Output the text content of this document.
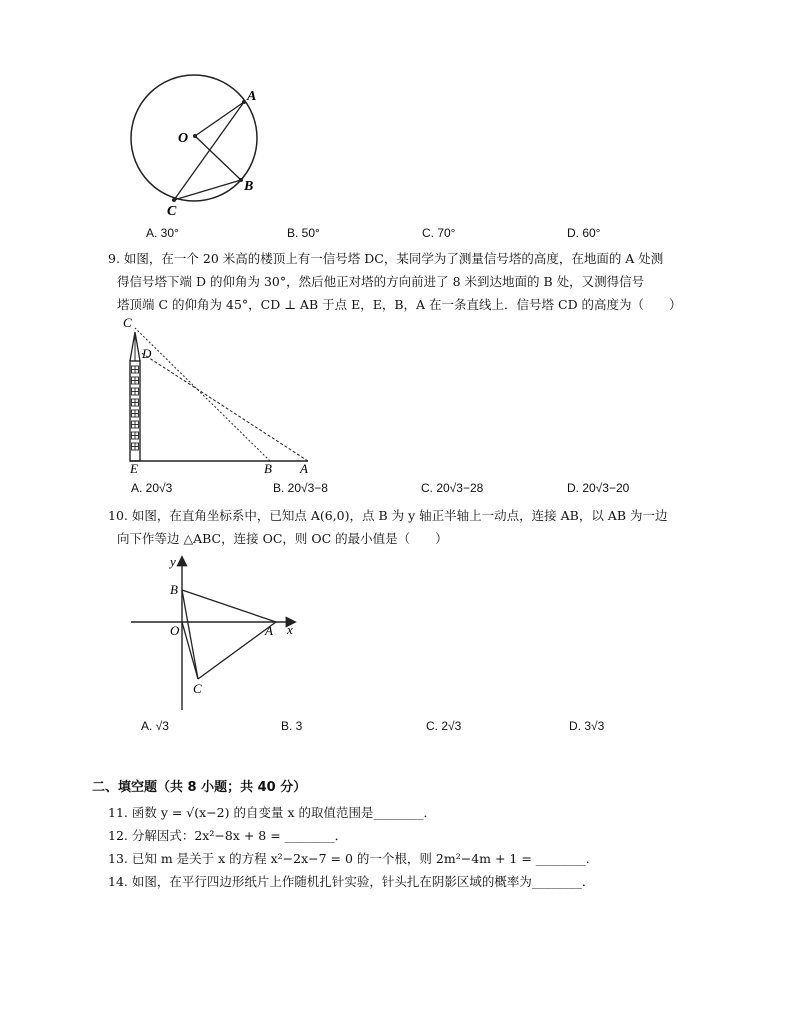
O
A
B
C
A. 30°	B. 50°	C. 70°	D. 60°
9. 如图，在一个 20 米高的楼顶上有一信号塔 DC，某同学为了测量信号塔的高度，在地面的 A 处测
得信号塔下端 D 的仰角为 30°，然后他正对塔的方向前进了 8 米到达地面的 B 处，又测得信号
塔顶端 C 的仰角为 45°，CD ⊥ AB 于点 E，E，B，A 在一条直线上．信号塔 CD 的高度为（　　）
C
D
E	B A
A. 20√3	B. 20√3−8	C. 20√3−28	D. 20√3−20
10. 如图，在直角坐标系中，已知点 A(6,0)，点 B 为 y 轴正半轴上一动点，连接 AB，以 AB 为一边
向下作等边 △ABC，连接 OC，则 OC 的最小值是（　　）
y
x
B
O	A
C
A. √3	B. 3	C. 2√3	D. 3√3
二、填空题（共 8 小题；共 40 分）
11. 函数 y = √(x−2) 的自变量 x 的取值范围是________．
12. 分解因式：2x²−8x + 8 = ________．
13. 已知 m 是关于 x 的方程 x²−2x−7 = 0 的一个根，则 2m²−4m + 1 = ________．
14. 如图，在平行四边形纸片上作随机扎针实验，针头扎在阴影区域的概率为________．
